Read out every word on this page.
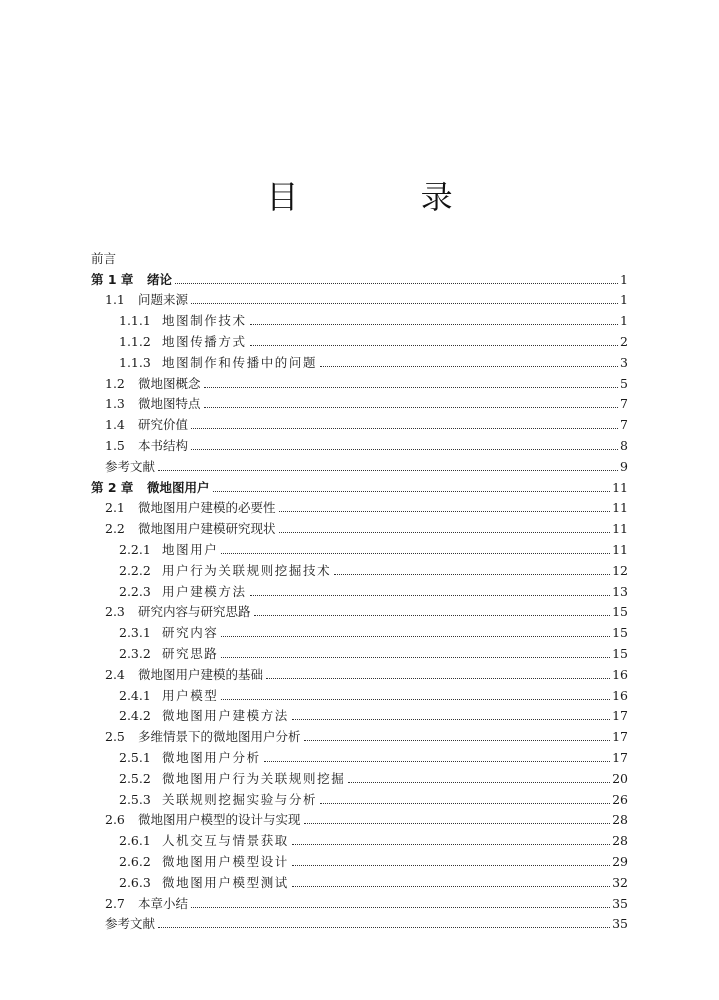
目 录
前言
第 1 章	绪论	1
1.1	问题来源	1
1.1.1 地图制作技术	1
1.1.2 地图传播方式	2
1.1.3 地图制作和传播中的问题	3
1.2	微地图概念	5
1.3	微地图特点	7
1.4	研究价值	7
1.5	本书结构	8
参考文献	9
第 2 章	微地图用户	11
2.1	微地图用户建模的必要性	11
2.2	微地图用户建模研究现状	11
2.2.1 地图用户	11
2.2.2 用户行为关联规则挖掘技术	12
2.2.3 用户建模方法	13
2.3	研究内容与研究思路	15
2.3.1 研究内容	15
2.3.2 研究思路	15
2.4	微地图用户建模的基础	16
2.4.1 用户模型	16
2.4.2 微地图用户建模方法	17
2.5	多维情景下的微地图用户分析	17
2.5.1 微地图用户分析	17
2.5.2 微地图用户行为关联规则挖掘	20
2.5.3 关联规则挖掘实验与分析	26
2.6	微地图用户模型的设计与实现	28
2.6.1 人机交互与情景获取	28
2.6.2 微地图用户模型设计	29
2.6.3 微地图用户模型测试	32
2.7	本章小结	35
参考文献	35
